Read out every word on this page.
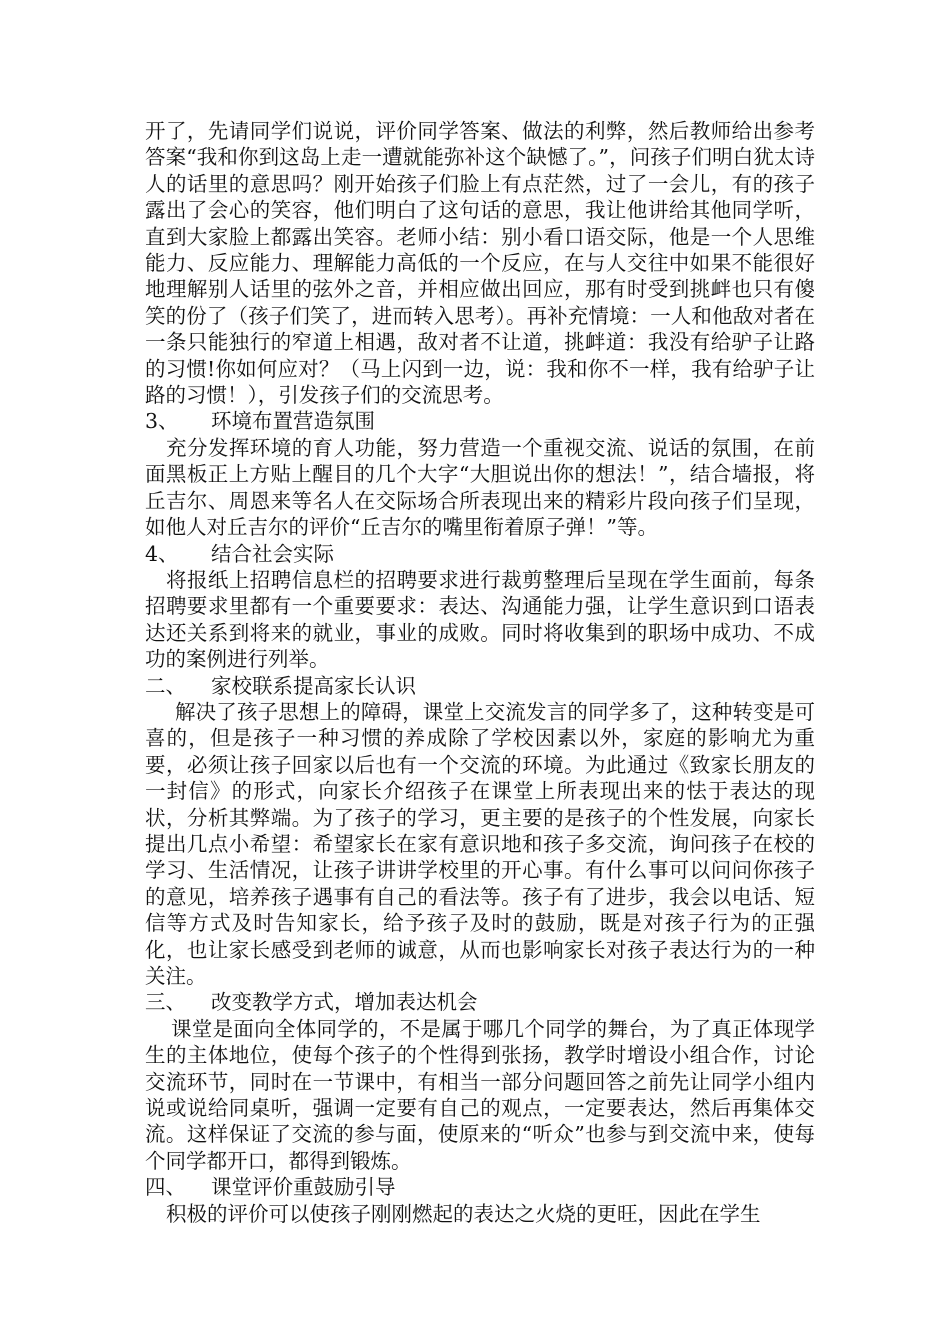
开了，先请同学们说说，评价同学答案、做法的利弊，然后教师给出参考答案“我和你到这岛上走一遭就能弥补这个缺憾了。”，问孩子们明白犹太诗人的话里的意思吗？刚开始孩子们脸上有点茫然，过了一会儿，有的孩子露出了会心的笑容，他们明白了这句话的意思，我让他讲给其他同学听，直到大家脸上都露出笑容。老师小结：别小看口语交际，他是一个人思维能力、反应能力、理解能力高低的一个反应，在与人交往中如果不能很好地理解别人话里的弦外之音，并相应做出回应，那有时受到挑衅也只有傻笑的份了（孩子们笑了，进而转入思考）。再补充情境：一人和他敌对者在一条只能独行的窄道上相遇，敌对者不让道，挑衅道：我没有给驴子让路的习惯!你如何应对？（马上闪到一边，说：我和你不一样，我有给驴子让路的习惯！），引发孩子们的交流思考。

3、 环境布置营造氛围

充分发挥环境的育人功能，努力营造一个重视交流、说话的氛围，在前面黑板正上方贴上醒目的几个大字“大胆说出你的想法！”，结合墙报，将丘吉尔、周恩来等名人在交际场合所表现出来的精彩片段向孩子们呈现，如他人对丘吉尔的评价“丘吉尔的嘴里衔着原子弹！”等。

4、 结合社会实际

将报纸上招聘信息栏的招聘要求进行裁剪整理后呈现在学生面前，每条招聘要求里都有一个重要要求：表达、沟通能力强，让学生意识到口语表达还关系到将来的就业，事业的成败。同时将收集到的职场中成功、不成功的案例进行列举。

二、 家校联系提高家长认识

解决了孩子思想上的障碍，课堂上交流发言的同学多了，这种转变是可喜的，但是孩子一种习惯的养成除了学校因素以外，家庭的影响尤为重要，必须让孩子回家以后也有一个交流的环境。为此通过《致家长朋友的一封信》的形式，向家长介绍孩子在课堂上所表现出来的怯于表达的现状，分析其弊端。为了孩子的学习，更主要的是孩子的个性发展，向家长提出几点小希望：希望家长在家有意识地和孩子多交流，询问孩子在校的学习、生活情况，让孩子讲讲学校里的开心事。有什么事可以问问你孩子的意见，培养孩子遇事有自己的看法等。孩子有了进步，我会以电话、短信等方式及时告知家长，给予孩子及时的鼓励，既是对孩子行为的正强化，也让家长感受到老师的诚意，从而也影响家长对孩子表达行为的一种关注。

三、 改变教学方式，增加表达机会

课堂是面向全体同学的，不是属于哪几个同学的舞台，为了真正体现学生的主体地位，使每个孩子的个性得到张扬，教学时增设小组合作，讨论交流环节，同时在一节课中，有相当一部分问题回答之前先让同学小组内说或说给同桌听，强调一定要有自己的观点，一定要表达，然后再集体交流。这样保证了交流的参与面，使原来的“听众”也参与到交流中来，使每个同学都开口，都得到锻炼。

四、 课堂评价重鼓励引导

积极的评价可以使孩子刚刚燃起的表达之火烧的更旺，因此在学生
